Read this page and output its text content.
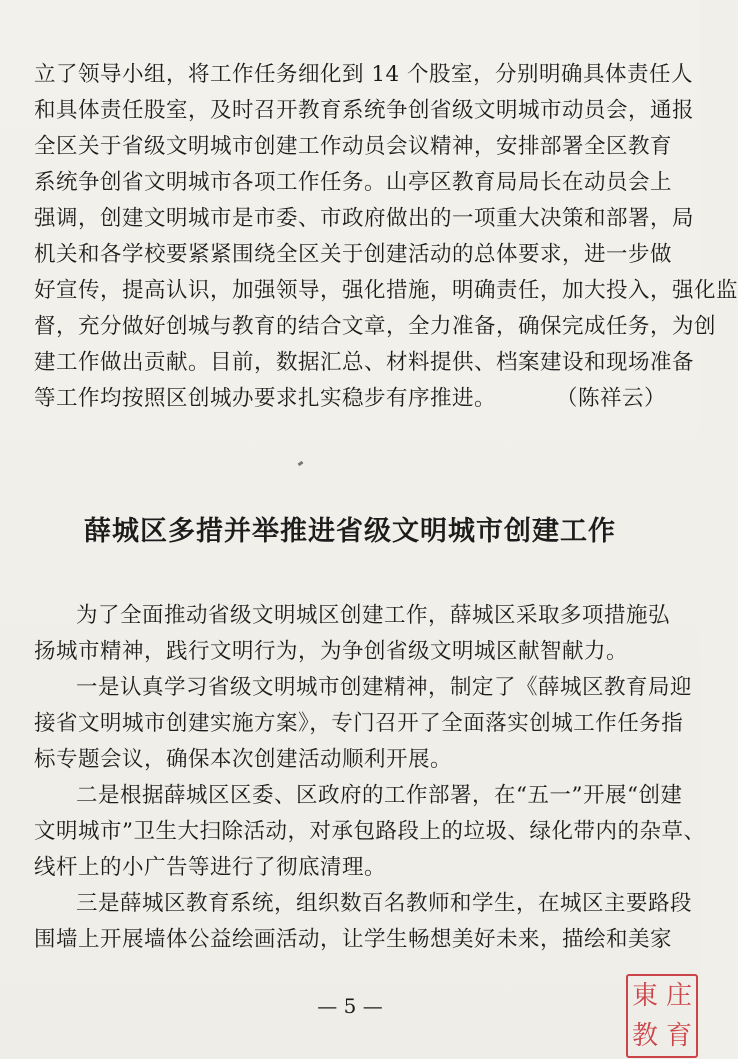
立了领导小组，将工作任务细化到 14 个股室，分别明确具体责任人
和具体责任股室，及时召开教育系统争创省级文明城市动员会，通报
全区关于省级文明城市创建工作动员会议精神，安排部署全区教育
系统争创省文明城市各项工作任务。山亭区教育局局长在动员会上
强调，创建文明城市是市委、市政府做出的一项重大决策和部署，局
机关和各学校要紧紧围绕全区关于创建活动的总体要求，进一步做
好宣传，提高认识，加强领导，强化措施，明确责任，加大投入，强化监
督，充分做好创城与教育的结合文章，全力准备，确保完成任务，为创
建工作做出贡献。目前，数据汇总、材料提供、档案建设和现场准备
等工作均按照区创城办要求扎实稳步有序推进。	（陈祥云）
薛城区多措并举推进省级文明城市创建工作
为了全面推动省级文明城区创建工作，薛城区采取多项措施弘
扬城市精神，践行文明行为，为争创省级文明城区献智献力。
一是认真学习省级文明城市创建精神，制定了《薛城区教育局迎
接省文明城市创建实施方案》，专门召开了全面落实创城工作任务指
标专题会议，确保本次创建活动顺利开展。
二是根据薛城区区委、区政府的工作部署，在“五一”开展“创建
文明城市”卫生大扫除活动，对承包路段上的垃圾、绿化带内的杂草、
线杆上的小广告等进行了彻底清理。
三是薛城区教育系统，组织数百名教师和学生，在城区主要路段
围墙上开展墙体公益绘画活动，让学生畅想美好未来，描绘和美家
— 5 —	東 庄
教 育
